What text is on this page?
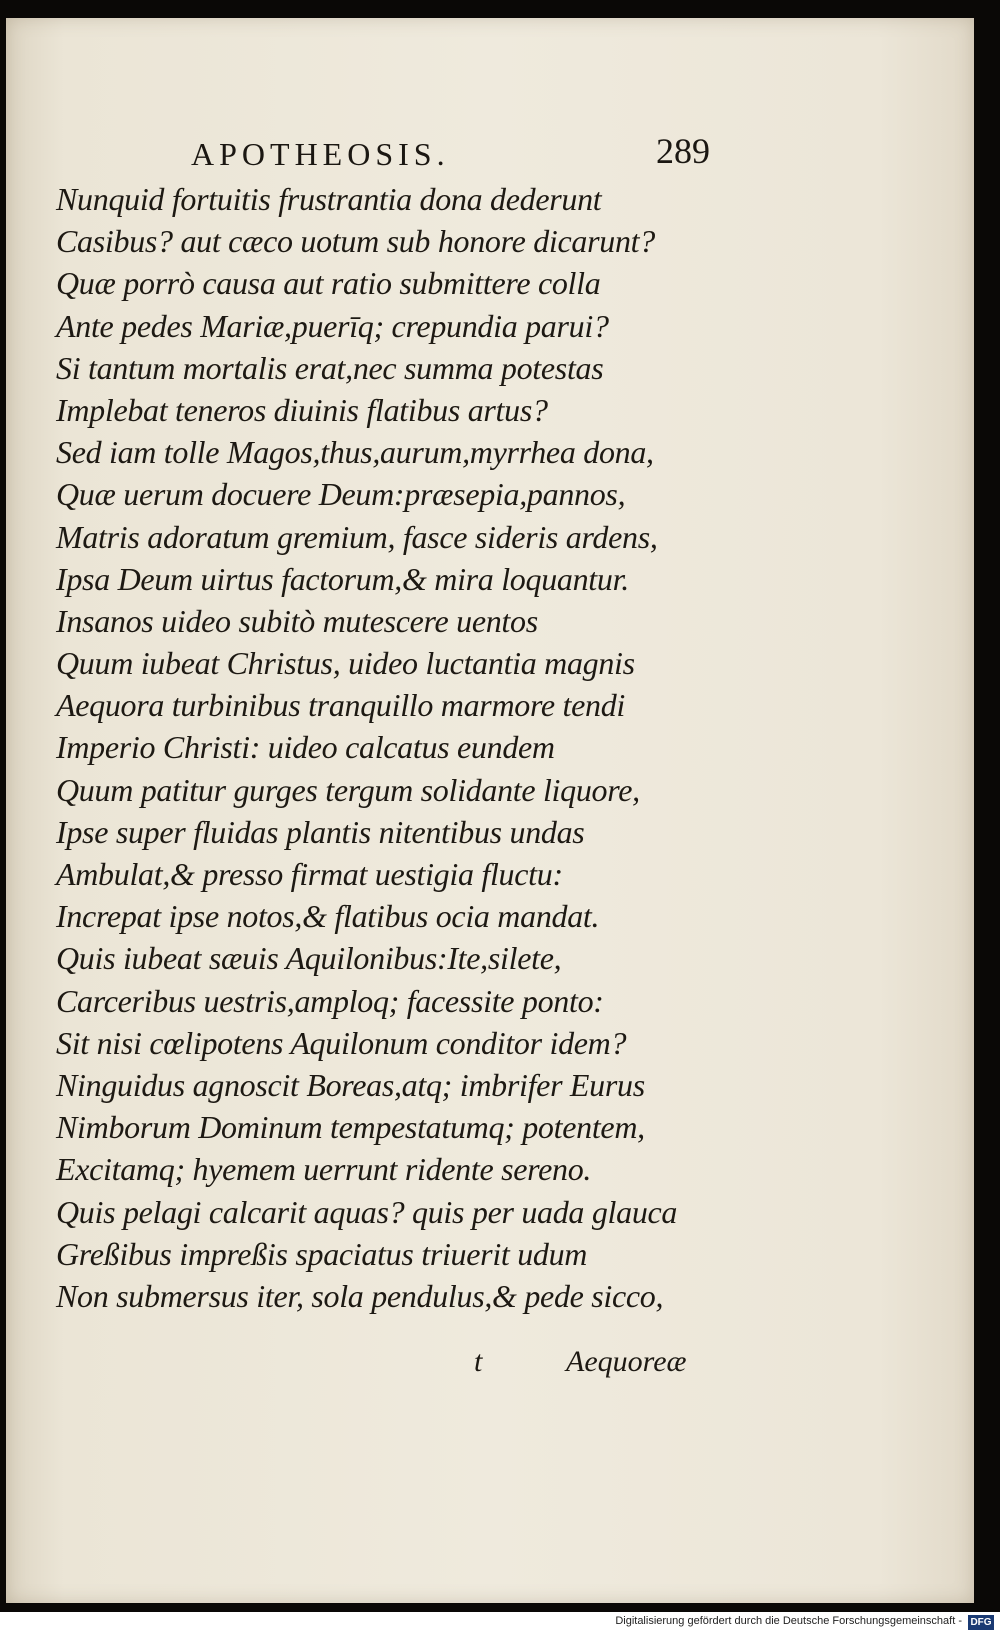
APOTHEOSIS.	289
Nunquid fortuitis frustrantia dona dederunt
Casibus? aut cæco uotum sub honore dicarunt?
Quæ porrò causa aut ratio submittere colla
Ante pedes Mariæ,puerīq; crepundia parui?
Si tantum mortalis erat,nec summa potestas
Implebat teneros diuinis flatibus artus?
Sed iam tolle Magos,thus,aurum,myrrhea dona,
Quæ uerum docuere Deum:præsepia,pannos,
Matris adoratum gremium, fasce sideris ardens,
Ipsa Deum uirtus factorum,& mira loquantur.
Insanos uideo subitò mutescere uentos
Quum iubeat Christus, uideo luctantia magnis
Aequora turbinibus tranquillo marmore tendi
Imperio Christi: uideo calcatus eundem
Quum patitur gurges tergum solidante liquore,
Ipse super fluidas plantis nitentibus undas
Ambulat,& presso firmat uestigia fluctu:
Increpat ipse notos,& flatibus ocia mandat.
Quis iubeat sæuis Aquilonibus:Ite,silete,
Carceribus uestris,amploq; facessite ponto:
Sit nisi cœlipotens Aquilonum conditor idem?
Ninguidus agnoscit Boreas,atq; imbrifer Eurus
Nimborum Dominum tempestatumq; potentem,
Excitamq; hyemem uerrunt ridente sereno.
Quis pelagi calcarit aquas? quis per uada glauca
Greßibus impreßis spaciatus triuerit udum
Non submersus iter, sola pendulus,& pede sicco,
t	Aequoreæ
Digitalisierung gefördert durch die Deutsche Forschungsgemeinschaft - DFG
